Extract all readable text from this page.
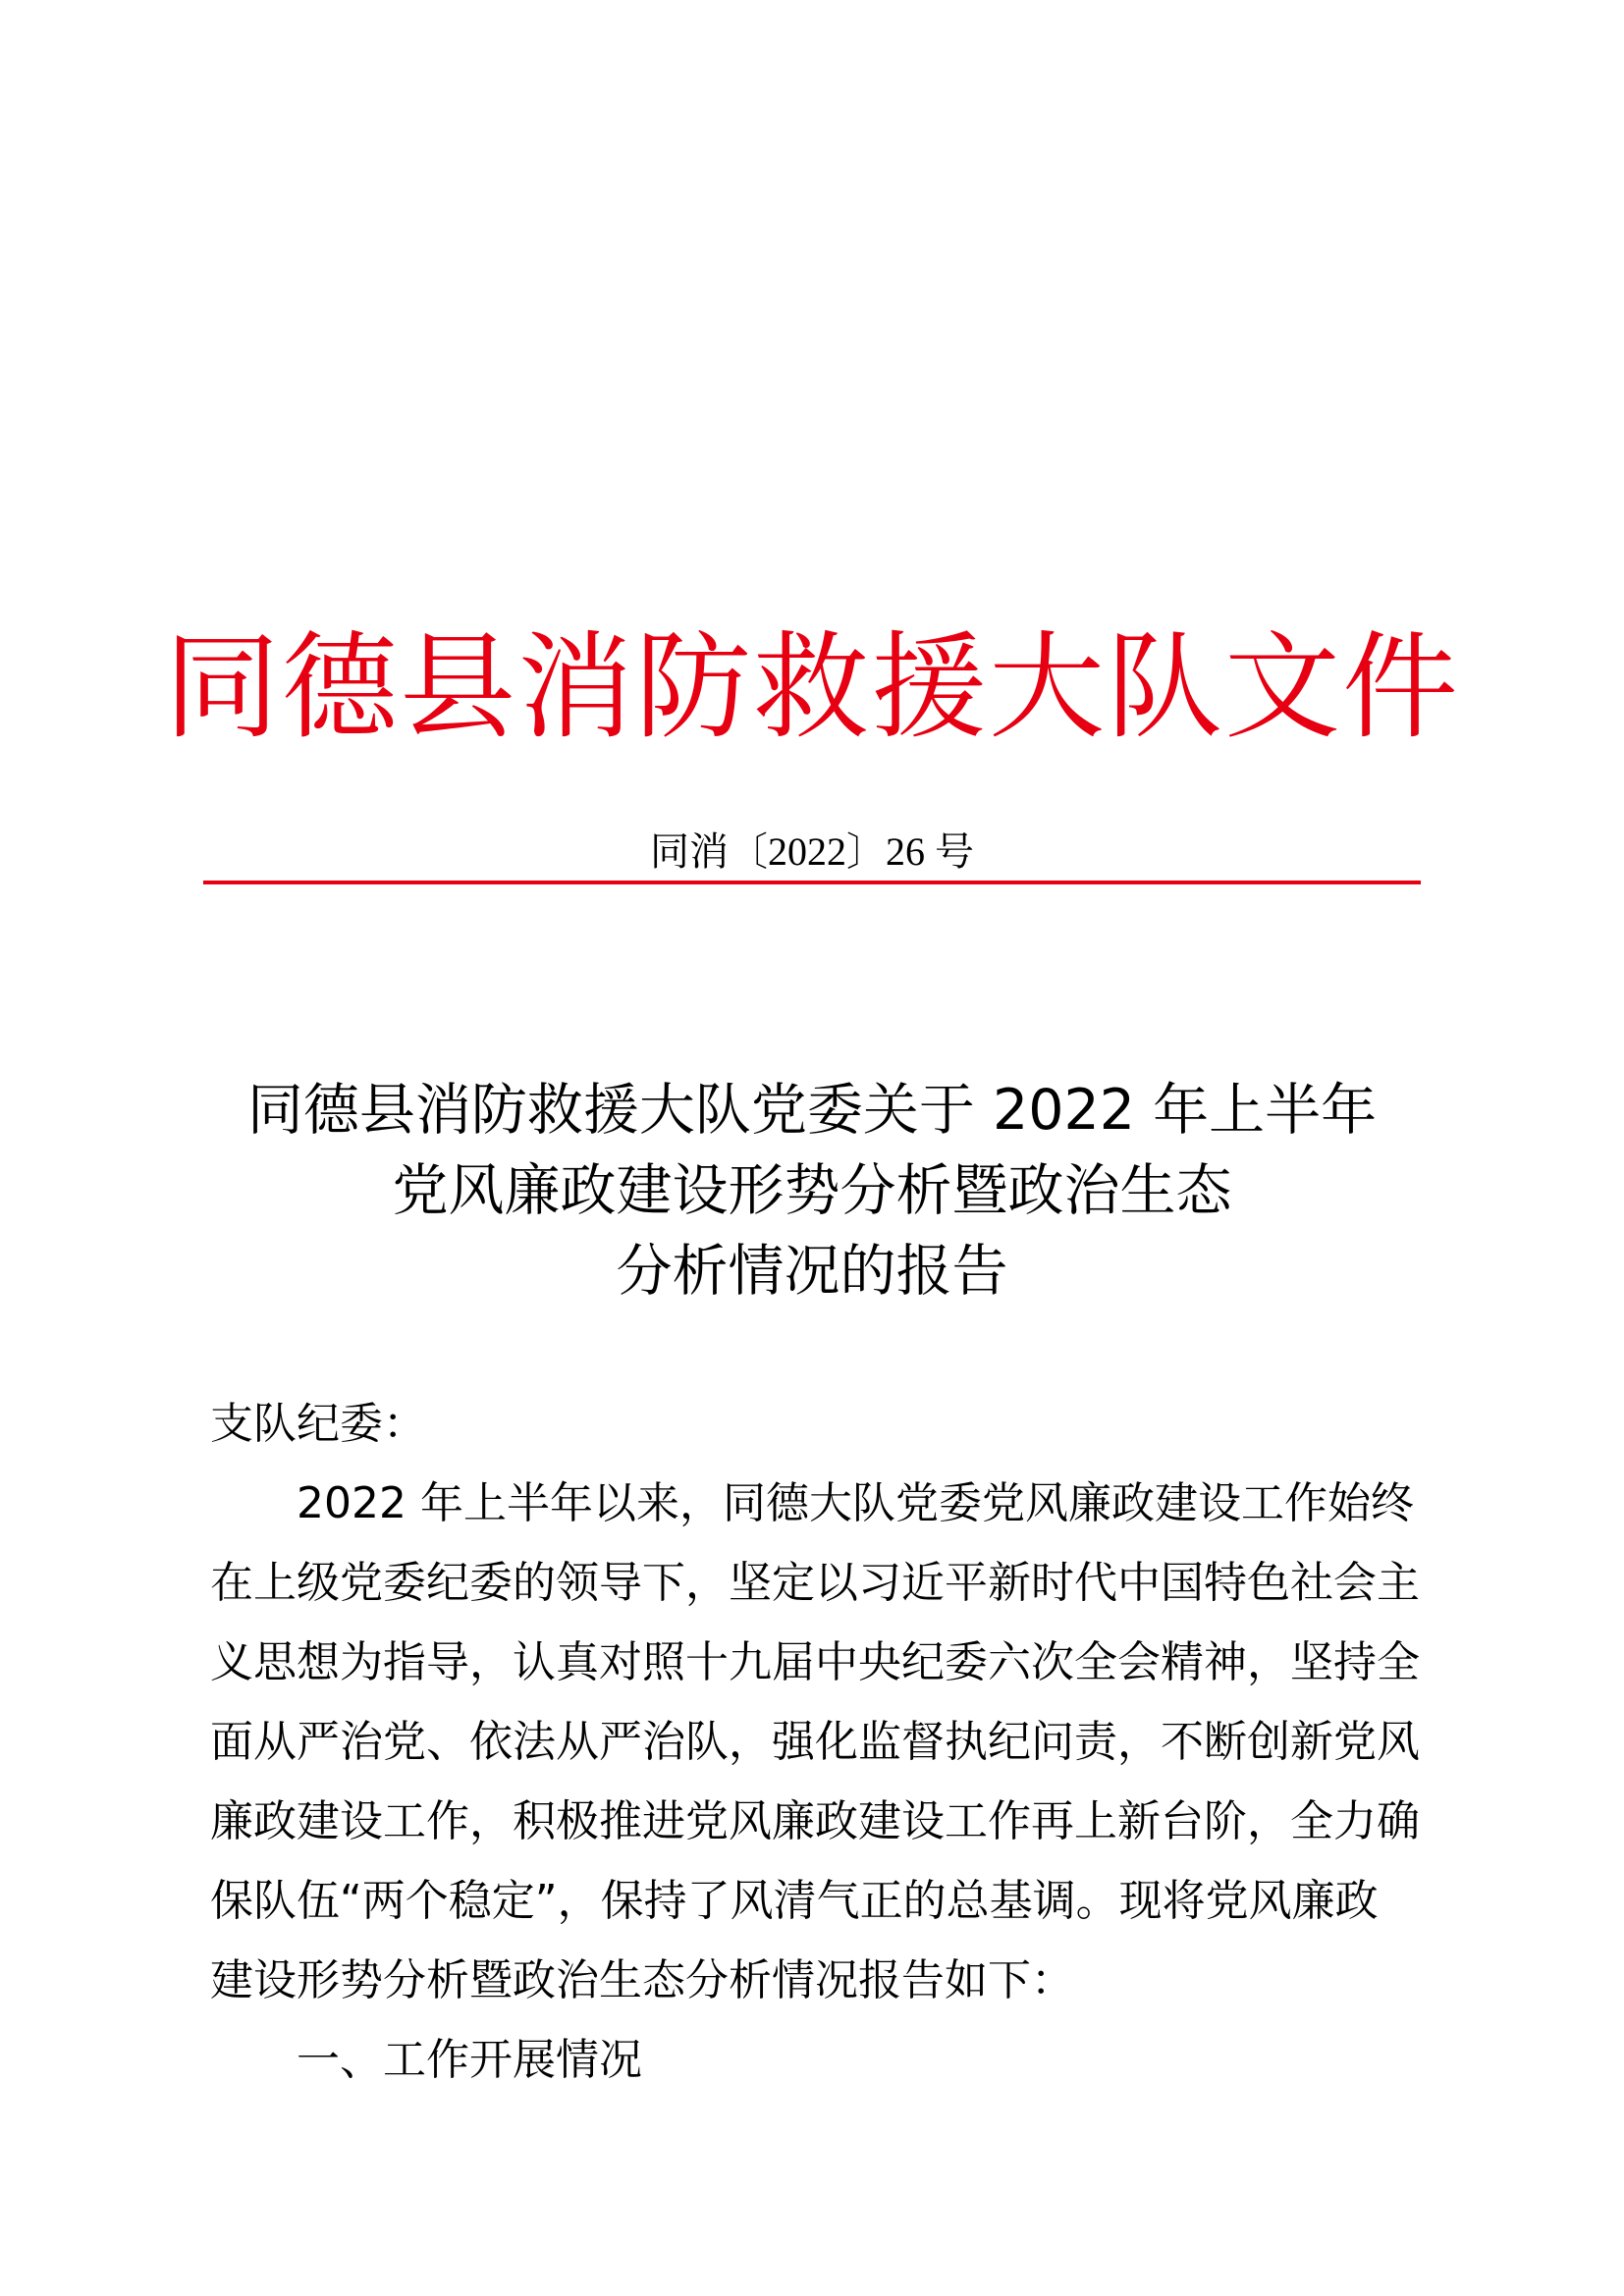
同德县消防救援大队文件
同消〔2022〕26 号
同德县消防救援大队党委关于 2022 年上半年
党风廉政建设形势分析暨政治生态
分析情况的报告
支队纪委：
2022 年上半年以来，同德大队党委党风廉政建设工作始终
在上级党委纪委的领导下，坚定以习近平新时代中国特色社会主
义思想为指导，认真对照十九届中央纪委六次全会精神，坚持全
面从严治党、依法从严治队，强化监督执纪问责，不断创新党风
廉政建设工作，积极推进党风廉政建设工作再上新台阶，全力确
保队伍“两个稳定”，保持了风清气正的总基调。现将党风廉政
建设形势分析暨政治生态分析情况报告如下：
一、工作开展情况
